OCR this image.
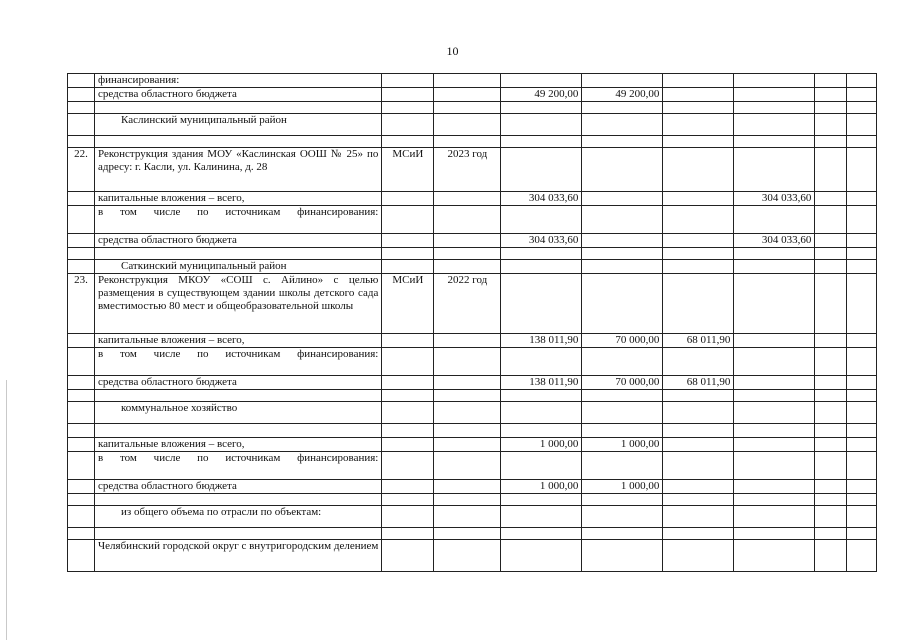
10
	финансирования:								
	средства областного бюджета			49 200,00	49 200,00				

	Каслинский муниципальный район								

22.	Реконструкция здания МОУ «Каслинская ООШ № 25» по адресу: г. Касли, ул. Калинина, д. 28	МСиИ	2023 год						
	капитальные вложения – всего,			304 033,60			304 033,60		
	в том числе по источникам финансирования:								
	средства областного бюджета			304 033,60			304 033,60		

	Саткинский муниципальный район								
23.	Реконструкция МКОУ «СОШ с. Айлино» с целью размещения в существующем здании школы детского сада вместимостью 80 мест и общеобразовательной школы	МСиИ	2022 год						
	капитальные вложения – всего,			138 011,90	70 000,00	68 011,90			
	в том числе по источникам финансирования:								
	средства областного бюджета			138 011,90	70 000,00	68 011,90			

	коммунальное хозяйство								

	капитальные вложения – всего,			1 000,00	1 000,00				
	в том числе по источникам финансирования:								
	средства областного бюджета			1 000,00	1 000,00				

	из общего объема по отрасли по объектам:								

	Челябинский городской округ с внутригородским делением								
